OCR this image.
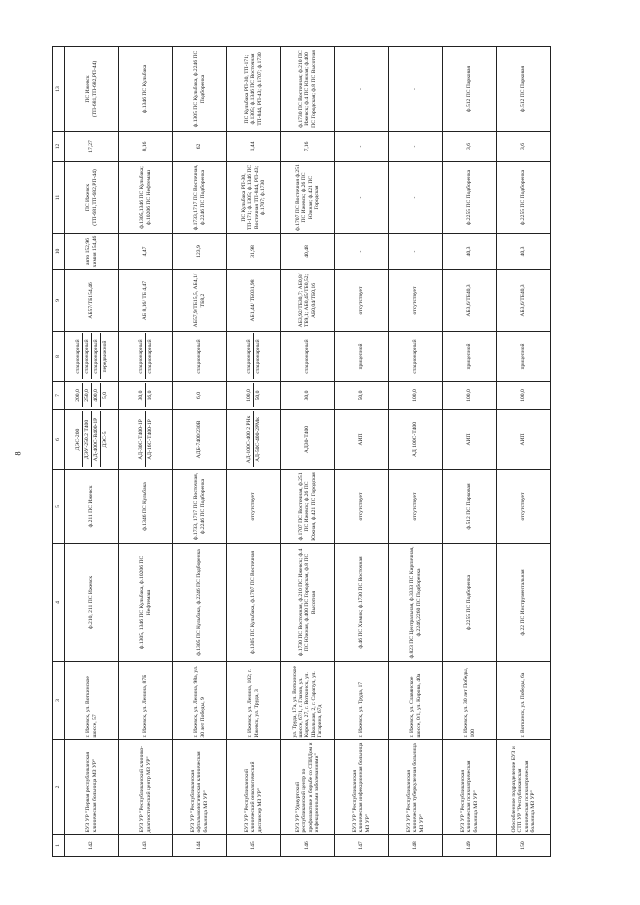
8
1	2	3	4	5	6	7	8	9	10	11	12	13
142	БУЗ УР "Первая республиканская клиническая больница МЗ УР"	г. Ижевск, ул. Воткинское шоссе, 57	ф.210, 211 ПС Ижевск	ф.211 ПС Ижевск	ДЭС-200 ДЭУ-250.2 Т400 АД-400С-В400-1Р ДЭС-5	200,0 250,0 400,0 5,0	стационарный стационарный стационарный передвижной	АБ57/ТБ154,46	авто 152,96 химия 154,46	ПС Ижевск (ТП-681,ТП-682,РП-44)	17,27	ПС Ижевск (ТП-681,ТП-682,РП-44)
143	БУЗ УР "Республиканский клинико-диагностический центр МЗ УР"	г. Ижевск, ул. Ленина, 87Б	ф.1305, 1346 ПС Кульбака, ф.10206 ПС Нефтемаш	ф.1346 ПС Кульбака	АД-30С-Т400-1Р АД-16С-Т400-1Р	30,0 16,0	стационарный стационарный	АБ 8,16/ ТБ 4,47	4,47	ф.1305,1346 ПС Кульбака; ф.10206 ПС Нефтемаш	8,16	ф.1346 ПС Кульбака
144	БУЗ УР "Республиканская офтальмологическая клиническая больница МЗ УР"	г. Ижевск, ул. Ленина, 98а, ул. 30 лет Победы, 9	ф.1305 ПС Кульбака, ф.2246 ПС Подборенка	ф.1733, 1717 ПС Восточная, ф.2246 ПС Подборенка	АДБ-7400/230В	6,0	стационарный	АБ57,9/ТБ15,5, АБ4,1/ТБ8,2	123,9	ф.1733,1717 ПС Восточная, ф.2246 ПС Подборенка	62	ф.1305 ПС Кульбака, ф.2246 ПС Подборенка
145	БУЗ УР "Республиканский клинический онкологический диспансер МЗ УР"	г. Ижевск, ул. Ленина, 102; г. Ижевск, ул. Труда, 3	ф.1305 ПС Кульбака, ф.1707 ПС Восточная	отсутствует	АД-100С-400 2 РНк АД-50С-400-2РМк	100,0 50,0	стационарный стационарный	АБ1,44/ ТБ031,98	31,98	ПС Кульбака РП-30, ТП-171; ф.1305; ф.1346 ПС Восточная ТП-844, РП-43; ф.1707; ф.1730	1,44	ПС Кульбака РП-30, ТП-171; ф.1305; ф.1346 ПС Восточная ТП-844, РП-43; ф.1707; ф.1730
146	БУЗ УР "Удмуртский республиканский центр по профилактике и борьбе со СПИДом и инфекционными заболеваниями"	ул. Труда, 17а, ул. Воткинское шоссе, 67/1, г. Глазов, ул. Кирова, 27, г. Воткинск, ул. Школьная, 2, г. Сарапул, ул. Гагарина, 67д	ф.1730 ПС Восточная, ф.210 ПС Ижевск; ф.4 ПС Южная, ф.400 ПС Городская, ф.8 ПС Высотная	ф.1707 ПС Восточная, ф.251 ПС Ижевск; ф.26 ПС Южная, ф.421 ПС Городская	АД30-Т400	30,0	стационарный	АБ3,92/ТБ30,7; АБ0,8/ТБ9,1; АБ0,45/ТБ0,52; АБ0,04/ТБ0,16	40,48	ф.1707 ПС Восточная ф.251 ПС Ижевск; ф.26 ПС Южная; ф.421 ПС Городская	7,16	ф.1730 ПС Восточная; ф.210 ПС Ижевск; ф.4 ПС Южная; ф.400 ПС Городская; ф.8 ПС Высотная
147	БУЗ УР "Республиканская клиническая инфекционная больница МЗ УР"	г. Ижевск, ул. Труда, 17	ф.46 ПС Химик; ф.1730 ПС Восточная	отсутствует	АИП	50,0	прицепной	отсутствует	-	-	-	-
148	БУЗ УР "Республиканская клиническая туберкулезная больница МЗ УР"	г. Ижевск, ул. Славянское шоссе, 0/1, ул. Кирова, 40а	ф.823 ПС Центральная, ф.3333 ПС Кирпичная, ф.2246,2260 ПС Подборенка	отсутствует	АД 100С-Т400	100,0	стационарный	отсутствует	-	-	-	-
149	БУЗ УР "Республиканская клиническая психиатрическая больница МЗ УР"	г. Ижевск, ул. 30 лет Победы, 100	ф.2255 ПС Подборенка	ф.512 ПС Парковая	АИП	100,0	прицепной	АБ3,6/ТБ40,3	40,3	ф.2255 ПС Подборенка	3,6	ф.512 ПС Парковая
150	Обособленное подразделение БУЗ и СТП УР "Республиканская клиническая психиатрическая больница МЗ УР"	г. Воткинск, ул. Победы, 6а	ф.22 ПС Инструментальная	отсутствует	АИП	100,0	прицепной	АБ3,6/ТБ40,3	40,3	ф.2255 ПС Подборенка	3,6	ф.512 ПС Парковая
